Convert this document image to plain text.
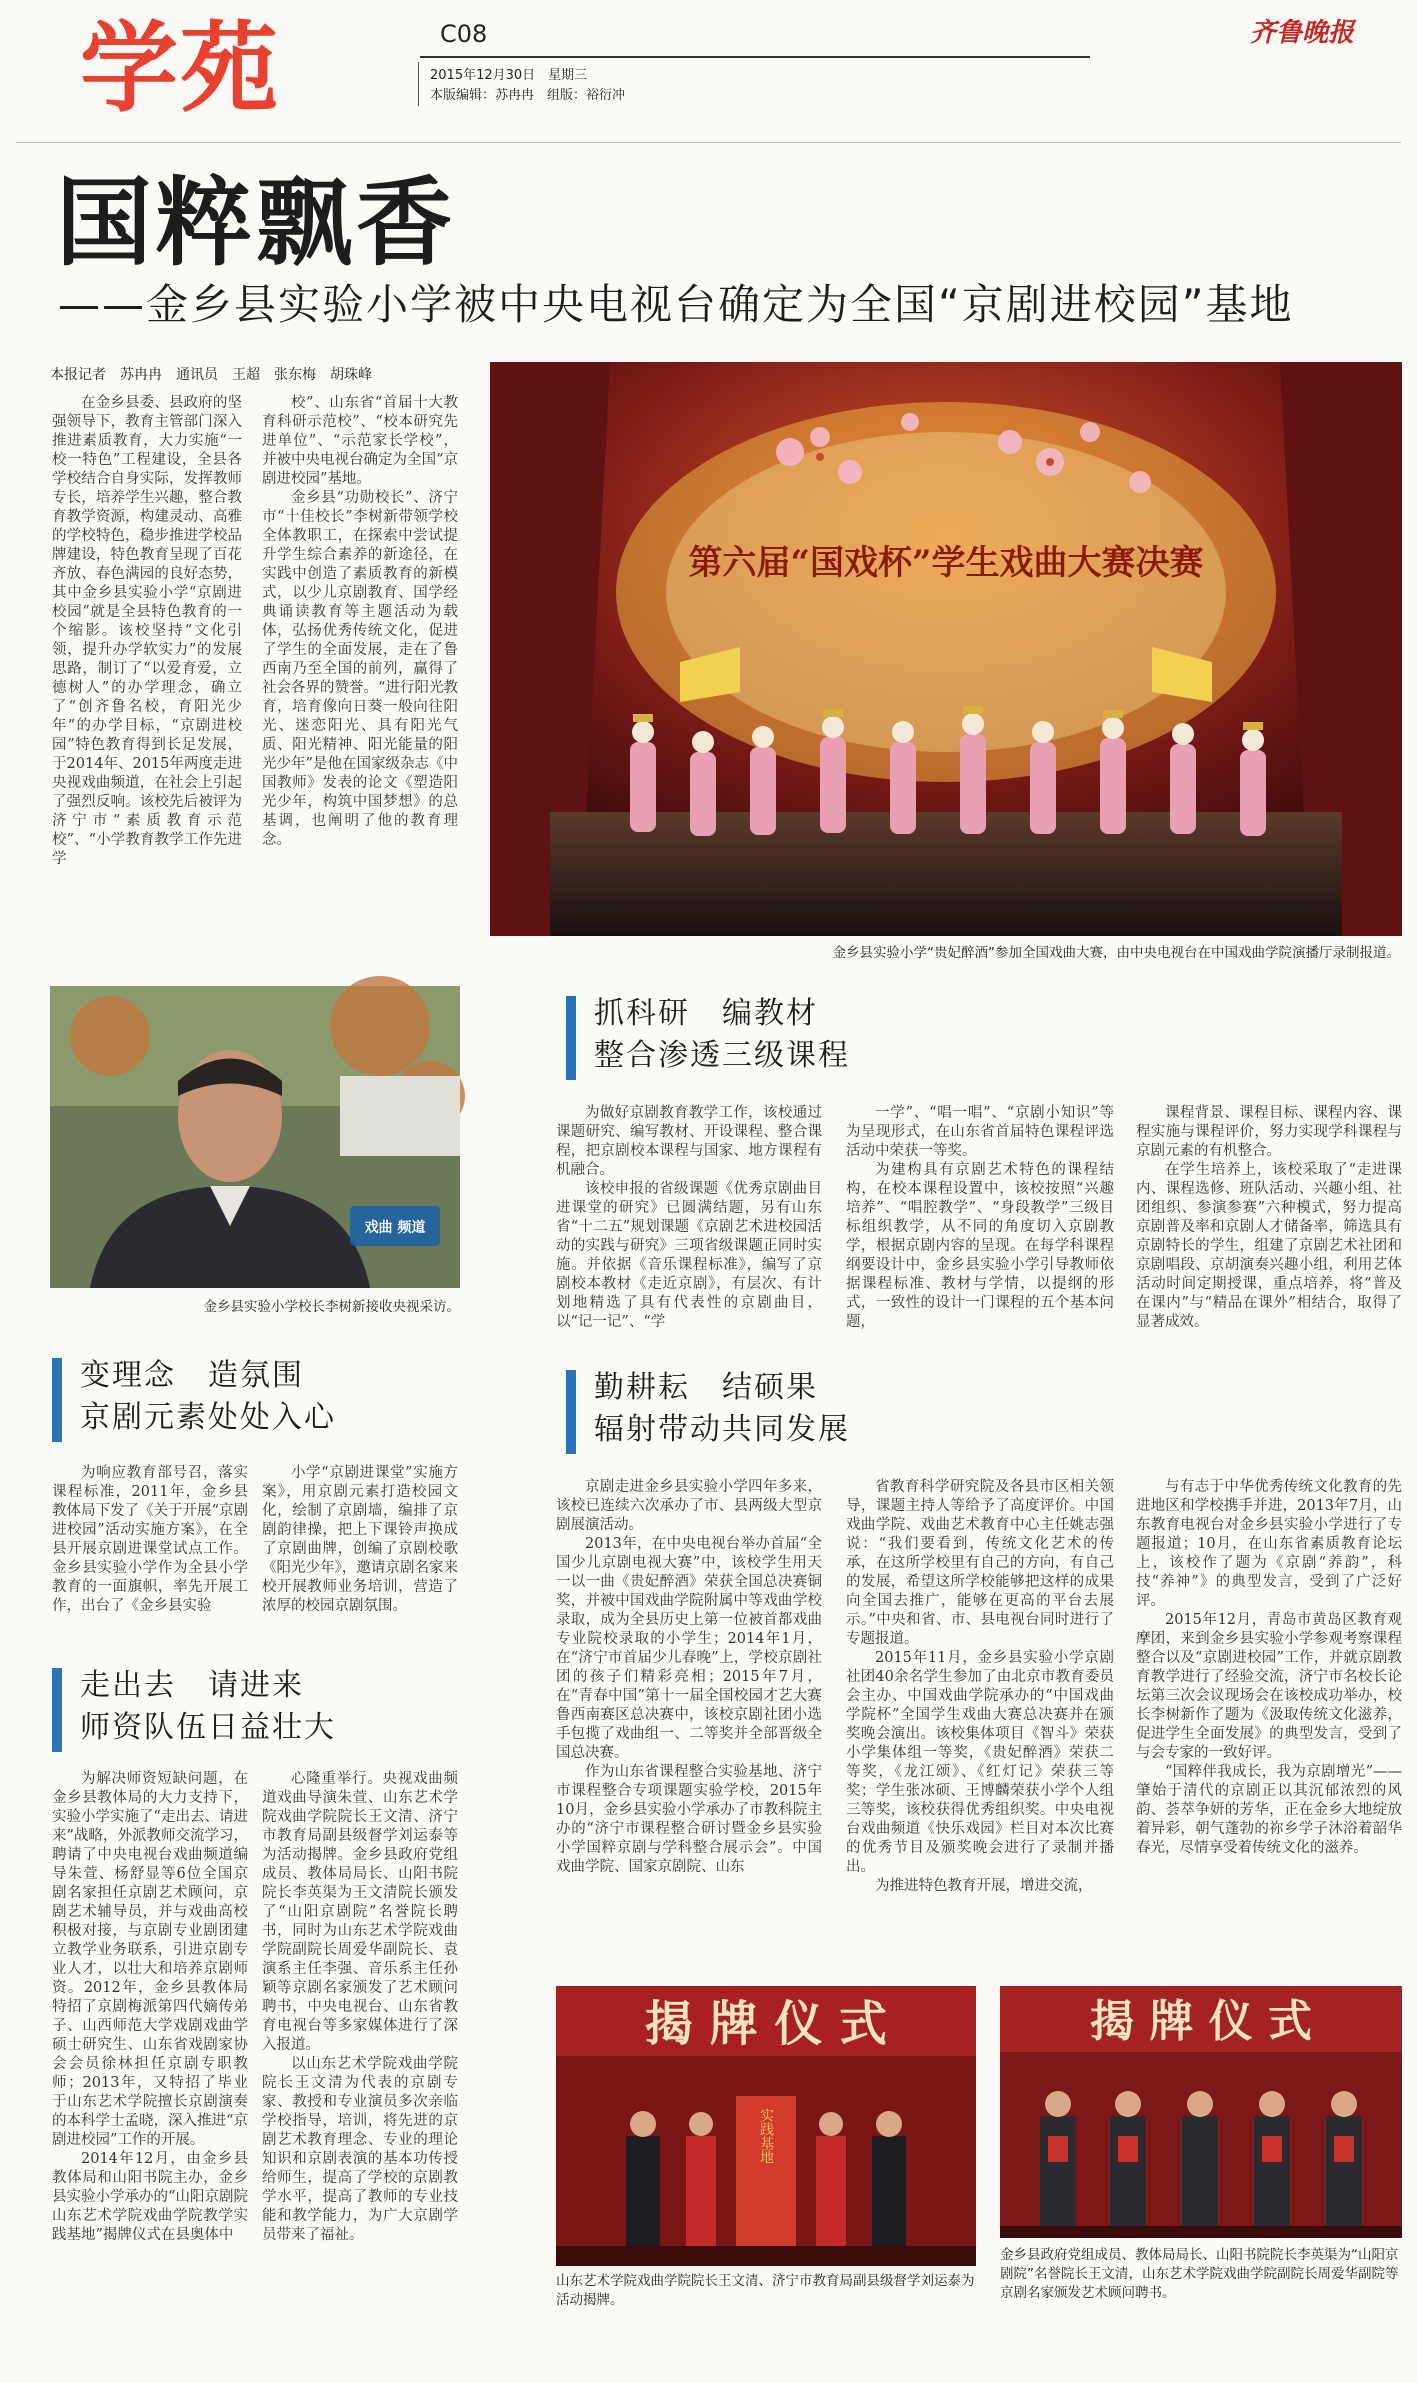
学苑	C08
2015年12月30日　星期三
本版编辑：苏冉冉　组版：裕衍冲
齐鲁晚报
国粹飘香
——金乡县实验小学被中央电视台确定为全国“京剧进校园”基地
本报记者　苏冉冉　通讯员　王超　张东梅　胡珠峰

在金乡县委、县政府的坚强领导下，教育主管部门深入推进素质教育，大力实施“一校一特色”工程建设，全县各学校结合自身实际，发挥教师专长，培养学生兴趣，整合教育教学资源，构建灵动、高雅的学校特色，稳步推进学校品牌建设，特色教育呈现了百花齐放、春色满园的良好态势，其中金乡县实验小学“京剧进校园”就是全县特色教育的一个缩影。该校坚持“文化引领，提升办学软实力”的发展思路，制订了“以爱育爱，立德树人”的办学理念，确立了“创齐鲁名校，育阳光少年”的办学目标，“京剧进校园”特色教育得到长足发展，于2014年、2015年两度走进央视戏曲频道，在社会上引起了强烈反响。该校先后被评为济宁市“素质教育示范校”、“小学教育教学工作先进学

校”、山东省“首届十大教育科研示范校”、“校本研究先进单位”、“示范家长学校”，并被中央电视台确定为全国“京剧进校园”基地。

金乡县“功勋校长”、济宁市“十佳校长”李树新带领学校全体教职工，在探索中尝试提升学生综合素养的新途径，在实践中创造了素质教育的新模式，以少儿京剧教育、国学经典诵读教育等主题活动为载体，弘扬优秀传统文化，促进了学生的全面发展，走在了鲁西南乃至全国的前列，赢得了社会各界的赞誉。“进行阳光教育，培育像向日葵一般向往阳光、迷恋阳光、具有阳光气质、阳光精神、阳光能量的阳光少年”是他在国家级杂志《中国教师》发表的论文《塑造阳光少年，构筑中国梦想》的总基调，也阐明了他的教育理念。

第六届“国戏杯”学生戏曲大赛决赛
金乡县实验小学“贵妃醉酒”参加全国戏曲大赛，由中央电视台在中国戏曲学院演播厅录制报道。
戏曲 频道
金乡县实验小学校长李树新接收央视采访。
变理念　造氛围
京剧元素处处入心

为响应教育部号召，落实课程标准，2011年，金乡县教体局下发了《关于开展“京剧进校园”活动实施方案》，在全县开展京剧进课堂试点工作。金乡县实验小学作为全县小学教育的一面旗帜，率先开展工作，出台了《金乡县实验

小学“京剧进课堂”实施方案》，用京剧元素打造校园文化，绘制了京剧墙，编排了京剧韵律操，把上下课铃声换成了京剧曲牌，创编了京剧校歌《阳光少年》，邀请京剧名家来校开展教师业务培训，营造了浓厚的校园京剧氛围。

走出去　请进来
师资队伍日益壮大

为解决师资短缺问题，在金乡县教体局的大力支持下，实验小学实施了“走出去、请进来”战略，外派教师交流学习，聘请了中央电视台戏曲频道编导朱萱、杨舒显等6位全国京剧名家担任京剧艺术顾问，京剧艺术辅导员，并与戏曲高校积极对接，与京剧专业剧团建立教学业务联系，引进京剧专业人才，以壮大和培养京剧师资。2012年，金乡县教体局特招了京剧梅派第四代嫡传弟子、山西师范大学戏剧戏曲学硕士研究生、山东省戏剧家协会会员徐林担任京剧专职教师；2013年，又特招了毕业于山东艺术学院擅长京剧演奏的本科学士孟晓，深入推进“京剧进校园”工作的开展。

2014年12月，由金乡县教体局和山阳书院主办，金乡县实验小学承办的“山阳京剧院　山东艺术学院戏曲学院教学实践基地”揭牌仪式在县奥体中

心隆重举行。央视戏曲频道戏曲导演朱萱、山东艺术学院戏曲学院院长王文清、济宁市教育局副县级督学刘运泰等为活动揭牌。金乡县政府党组成员、教体局局长、山阳书院院长李英渠为王文清院长颁发了“山阳京剧院”名誉院长聘书，同时为山东艺术学院戏曲学院副院长周爱华副院长、袁演系主任李强、音乐系主任孙颖等京剧名家颁发了艺术顾问聘书，中央电视台、山东省教育电视台等多家媒体进行了深入报道。

以山东艺术学院戏曲学院院长王文清为代表的京剧专家、教授和专业演员多次亲临学校指导，培训，将先进的京剧艺术教育理念、专业的理论知识和京剧表演的基本功传授给师生，提高了学校的京剧教学水平，提高了教师的专业技能和教学能力，为广大京剧学员带来了福祉。

抓科研　编教材
整合渗透三级课程

为做好京剧教育教学工作，该校通过课题研究、编写教材、开设课程、整合课程，把京剧校本课程与国家、地方课程有机融合。

该校申报的省级课题《优秀京剧曲目进课堂的研究》已圆满结题，另有山东省“十二五”规划课题《京剧艺术进校园活动的实践与研究》三项省级课题正同时实施。并依据《音乐课程标准》，编写了京剧校本教材《走近京剧》，有层次、有计划地精选了具有代表性的京剧曲目，以“记一记”、“学

一学”、“唱一唱”、“京剧小知识”等为呈现形式，在山东省首届特色课程评选活动中荣获一等奖。

为建构具有京剧艺术特色的课程结构，在校本课程设置中，该校按照“兴趣培养”、“唱腔教学”、“身段教学”三级目标组织教学，从不同的角度切入京剧教学，根据京剧内容的呈现。在每学科课程纲要设计中，金乡县实验小学引导教师依据课程标准、教材与学情，以提纲的形式，一致性的设计一门课程的五个基本问题，

课程背景、课程目标、课程内容、课程实施与课程评价，努力实现学科课程与京剧元素的有机整合。

在学生培养上，该校采取了“走进课内、课程选修、班队活动、兴趣小组、社团组织、参演参赛”六种模式，努力提高京剧普及率和京剧人才储备率，筛选具有京剧特长的学生，组建了京剧艺术社团和京剧唱段、京胡演奏兴趣小组，利用艺体活动时间定期授课，重点培养，将“普及在课内”与“精品在课外”相结合，取得了显著成效。

勤耕耘　结硕果
辐射带动共同发展

京剧走进金乡县实验小学四年多来，该校已连续六次承办了市、县两级大型京剧展演活动。

2013年，在中央电视台举办首届“全国少儿京剧电视大赛”中，该校学生用天一以一曲《贵妃醉酒》荣获全国总决赛铜奖，并被中国戏曲学院附属中等戏曲学校录取，成为全县历史上第一位被首都戏曲专业院校录取的小学生；2014年1月，在“济宁市首届少儿春晚”上，学校京剧社团的孩子们精彩亮相；2015年7月，在“青春中国”第十一届全国校园才艺大赛鲁西南赛区总决赛中，该校京剧社团小选手包揽了戏曲组一、二等奖并全部晋级全国总决赛。

作为山东省课程整合实验基地、济宁市课程整合专项课题实验学校，2015年10月，金乡县实验小学承办了市教科院主办的“济宁市课程整合研讨暨金乡县实验小学国粹京剧与学科整合展示会”。中国戏曲学院、国家京剧院、山东

省教育科学研究院及各县市区相关领导，课题主持人等给予了高度评价。中国戏曲学院、戏曲艺术教育中心主任姚志强说：“我们要看到，传统文化艺术的传承，在这所学校里有自己的方向，有自己的发展，希望这所学校能够把这样的成果向全国去推广，能够在更高的平台去展示。”中央和省、市、县电视台同时进行了专题报道。

2015年11月，金乡县实验小学京剧社团40余名学生参加了由北京市教育委员会主办、中国戏曲学院承办的“中国戏曲学院杯”全国学生戏曲大赛总决赛并在颁奖晚会演出。该校集体项目《智斗》荣获小学集体组一等奖，《贵妃醉酒》荣获二等奖，《龙江颂》、《红灯记》荣获三等奖；学生张冰硕、王博麟荣获小学个人组三等奖，该校获得优秀组织奖。中央电视台戏曲频道《快乐戏园》栏目对本次比赛的优秀节目及颁奖晚会进行了录制并播出。

为推进特色教育开展，增进交流，

与有志于中华优秀传统文化教育的先进地区和学校携手并进，2013年7月，山东教育电视台对金乡县实验小学进行了专题报道；10月，在山东省素质教育论坛上，该校作了题为《京剧“养韵”，科技“养神”》的典型发言，受到了广泛好评。

2015年12月，青岛市黄岛区教育观摩团，来到金乡县实验小学参观考察课程整合以及“京剧进校园”工作，并就京剧教育教学进行了经验交流，济宁市名校长论坛第三次会议现场会在该校成功举办，校长李树新作了题为《汲取传统文化滋养，促进学生全面发展》的典型发言，受到了与会专家的一致好评。

“国粹伴我成长，我为京剧增光”——肇始于清代的京剧正以其沉郁浓烈的风韵、荟萃争妍的芳华，正在金乡大地绽放着异彩，朝气蓬勃的祢乡学子沐浴着韶华春光，尽情享受着传统文化的滋养。

揭 牌 仪 式
实践基地
山东艺术学院戏曲学院院长王文清、济宁市教育局副县级督学刘运泰为活动揭牌。
揭 牌 仪 式
金乡县政府党组成员、教体局局长、山阳书院院长李英渠为“山阳京剧院”名誉院长王文清，山东艺术学院戏曲学院副院长周爱华副院等京剧名家颁发艺术顾问聘书。
